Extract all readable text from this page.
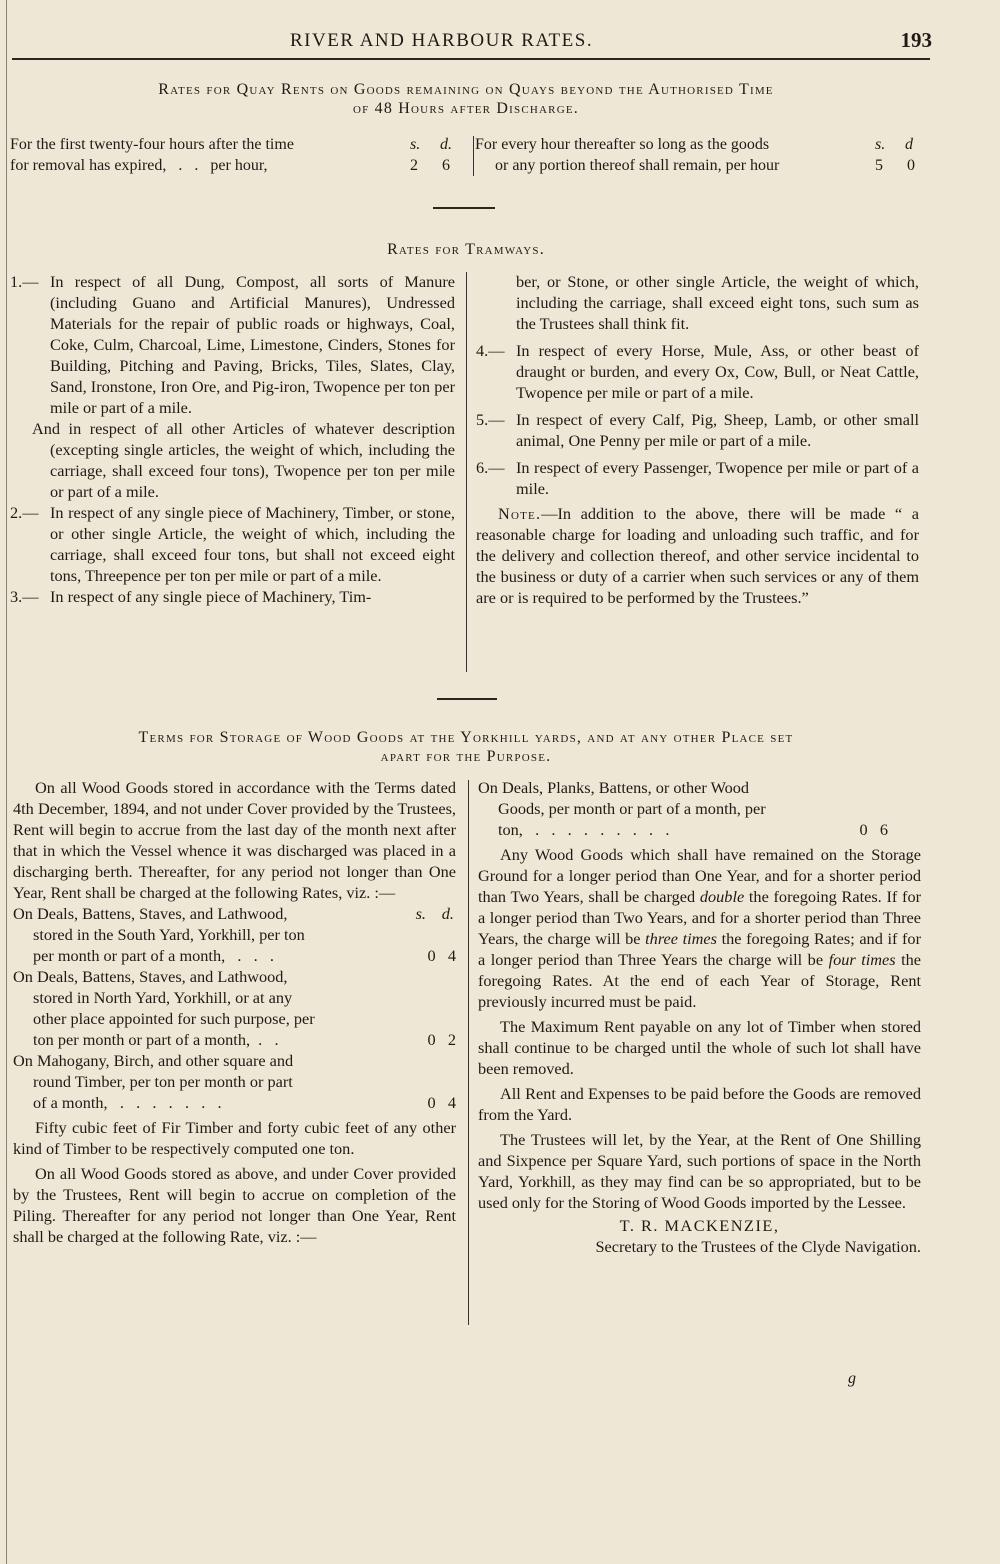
RIVER AND HARBOUR RATES.	193
Rates for Quay Rents on Goods remaining on Quays beyond the Authorised Time
of 48 Hours after Discharge.
For the first twenty-four hours after the time	s. d.
for removal has expired,   .   .   per hour,	2 6
For every hour thereafter so long as the goods	s. d
or any portion thereof shall remain, per hour	5 0
Rates for Tramways.
1.— In respect of all Dung, Compost, all sorts of Manure (including Guano and Artificial Manures), Undressed Materials for the repair of public roads or highways, Coal, Coke, Culm, Charcoal, Lime, Limestone, Cinders, Stones for Building, Pitching and Paving, Bricks, Tiles, Slates, Clay, Sand, Ironstone, Iron Ore, and Pig-iron, Twopence per ton per mile or part of a mile.
And in respect of all other Articles of whatever description (excepting single articles, the weight of which, including the carriage, shall exceed four tons), Twopence per ton per mile or part of a mile.
2.— In respect of any single piece of Machinery, Timber, or stone, or other single Article, the weight of which, including the carriage, shall exceed four tons, but shall not exceed eight tons, Threepence per ton per mile or part of a mile.
3.— In respect of any single piece of Machinery, Tim-
ber, or Stone, or other single Article, the weight of which, including the carriage, shall exceed eight tons, such sum as the Trustees shall think fit.
4.— In respect of every Horse, Mule, Ass, or other beast of draught or burden, and every Ox, Cow, Bull, or Neat Cattle, Twopence per mile or part of a mile.
5.— In respect of every Calf, Pig, Sheep, Lamb, or other small animal, One Penny per mile or part of a mile.
6.— In respect of every Passenger, Twopence per mile or part of a mile.
Note.—In addition to the above, there will be made “ a reasonable charge for loading and unloading such traffic, and for the delivery and collection thereof, and other service incidental to the business or duty of a carrier when such services or any of them are or is required to be performed by the Trustees.”
Terms for Storage of Wood Goods at the Yorkhill yards, and at any other Place set
apart for the Purpose.
On all Wood Goods stored in accordance with the Terms dated 4th December, 1894, and not under Cover provided by the Trustees, Rent will begin to accrue from the last day of the month next after that in which the Vessel whence it was discharged was placed in a discharging berth. Thereafter, for any period not longer than One Year, Rent shall be charged at the following Rates, viz. :—
On Deals, Battens, Staves, and Lathwood,	s. d.
stored in the South Yard, Yorkhill, per ton
per month or part of a month,   .   .   .	0   4
On Deals, Battens, Staves, and Lathwood,
stored in North Yard, Yorkhill, or at any
other place appointed for such purpose, per
ton per month or part of a month,  .   .	0   2
On Mahogany, Birch, and other square and
round Timber, per ton per month or part
of a month,   .   .   .   .   .   .   .	0   4
Fifty cubic feet of Fir Timber and forty cubic feet of any other kind of Timber to be respectively computed one ton.
On all Wood Goods stored as above, and under Cover provided by the Trustees, Rent will begin to accrue on completion of the Piling. Thereafter for any period not longer than One Year, Rent shall be charged at the following Rate, viz. :—
On Deals, Planks, Battens, or other Wood
Goods, per month or part of a month, per
ton,   .   .   .   .   .   .   .   .   .	0   6
Any Wood Goods which shall have remained on the Storage Ground for a longer period than One Year, and for a shorter period than Two Years, shall be charged double the foregoing Rates. If for a longer period than Two Years, and for a shorter period than Three Years, the charge will be three times the foregoing Rates; and if for a longer period than Three Years the charge will be four times the foregoing Rates. At the end of each Year of Storage, Rent previously incurred must be paid.
The Maximum Rent payable on any lot of Timber when stored shall continue to be charged until the whole of such lot shall have been removed.
All Rent and Expenses to be paid before the Goods are removed from the Yard.
The Trustees will let, by the Year, at the Rent of One Shilling and Sixpence per Square Yard, such portions of space in the North Yard, Yorkhill, as they may find can be so appropriated, but to be used only for the Storing of Wood Goods imported by the Lessee.
T. R. MACKENZIE,
Secretary to the Trustees of the Clyde Navigation.
g
